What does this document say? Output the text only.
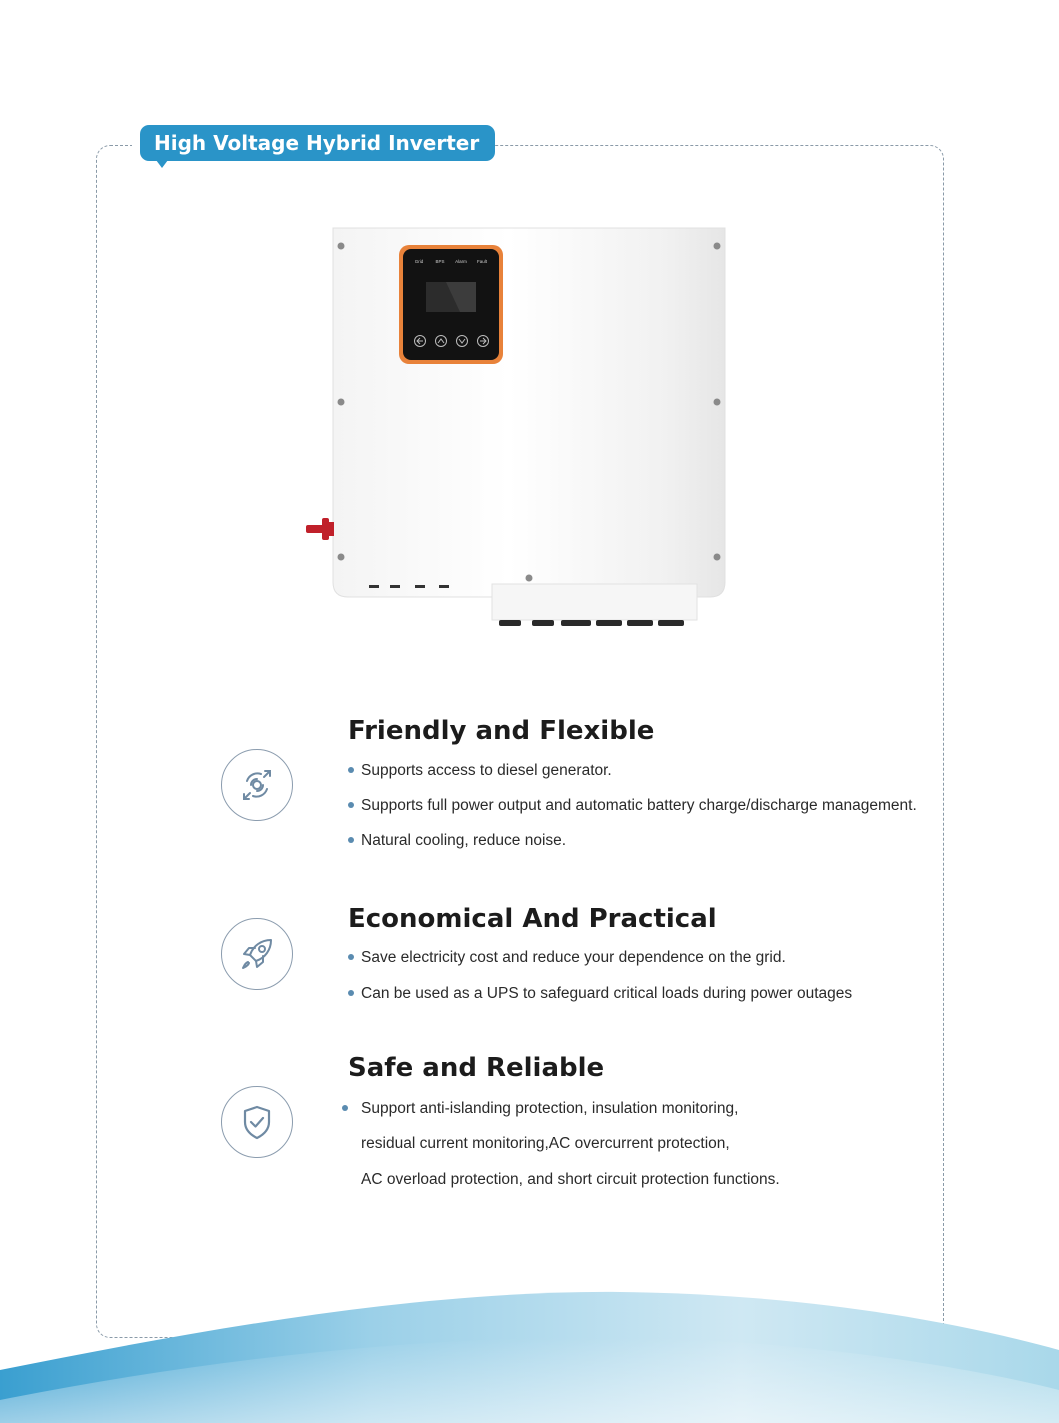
High Voltage Hybrid Inverter
Grid	BPS Alarm Fault
Friendly and Flexible
Supports access to diesel generator.
Supports full power output and automatic battery charge/discharge management.
Natural cooling, reduce noise.
Economical And Practical
Save electricity cost and reduce your dependence on the grid.
Can be used as a UPS to safeguard critical loads during power outages
Safe and Reliable
Support anti-islanding protection, insulation monitoring,
residual current monitoring,AC overcurrent protection,
AC overload protection, and short circuit protection functions.
